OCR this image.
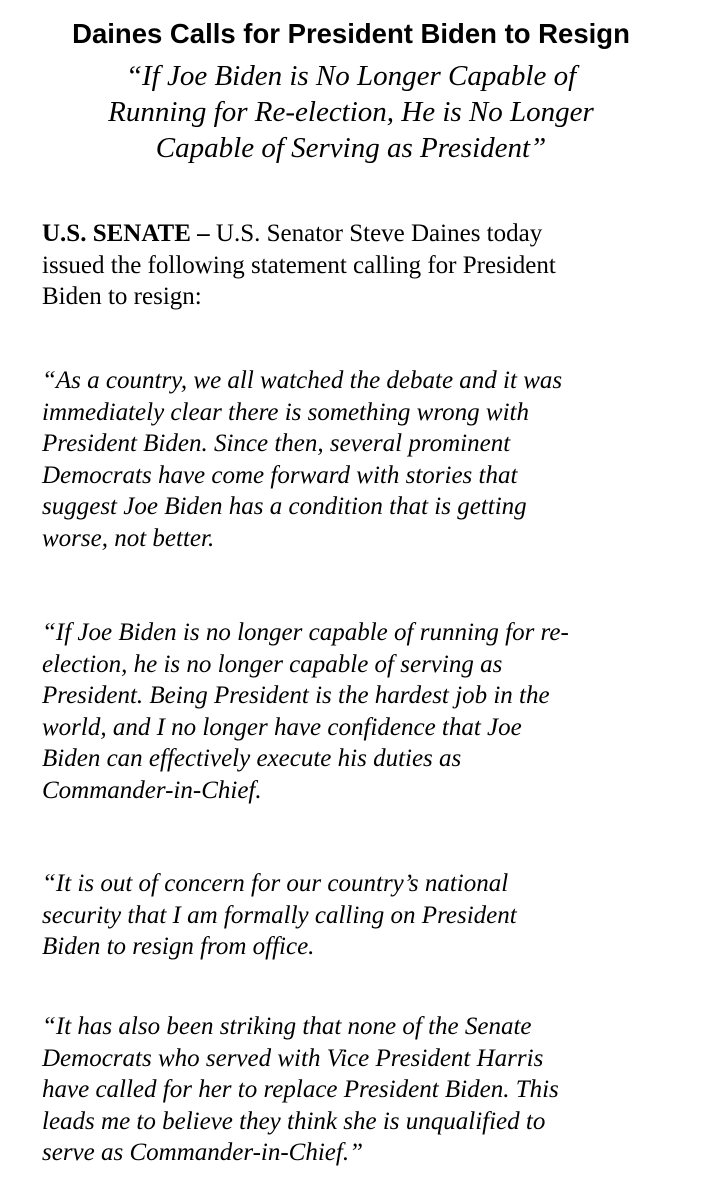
Daines Calls for President Biden to Resign
“If Joe Biden is No Longer Capable of
Running for Re-election, He is No Longer
Capable of Serving as President”
U.S. SENATE – U.S. Senator Steve Daines today
issued the following statement calling for President
Biden to resign:
“As a country, we all watched the debate and it was
immediately clear there is something wrong with
President Biden. Since then, several prominent
Democrats have come forward with stories that
suggest Joe Biden has a condition that is getting
worse, not better.
“If Joe Biden is no longer capable of running for re-
election, he is no longer capable of serving as
President. Being President is the hardest job in the
world, and I no longer have confidence that Joe
Biden can effectively execute his duties as
Commander-in-Chief.
“It is out of concern for our country’s national
security that I am formally calling on President
Biden to resign from office.
“It has also been striking that none of the Senate
Democrats who served with Vice President Harris
have called for her to replace President Biden. This
leads me to believe they think she is unqualified to
serve as Commander-in-Chief.”
